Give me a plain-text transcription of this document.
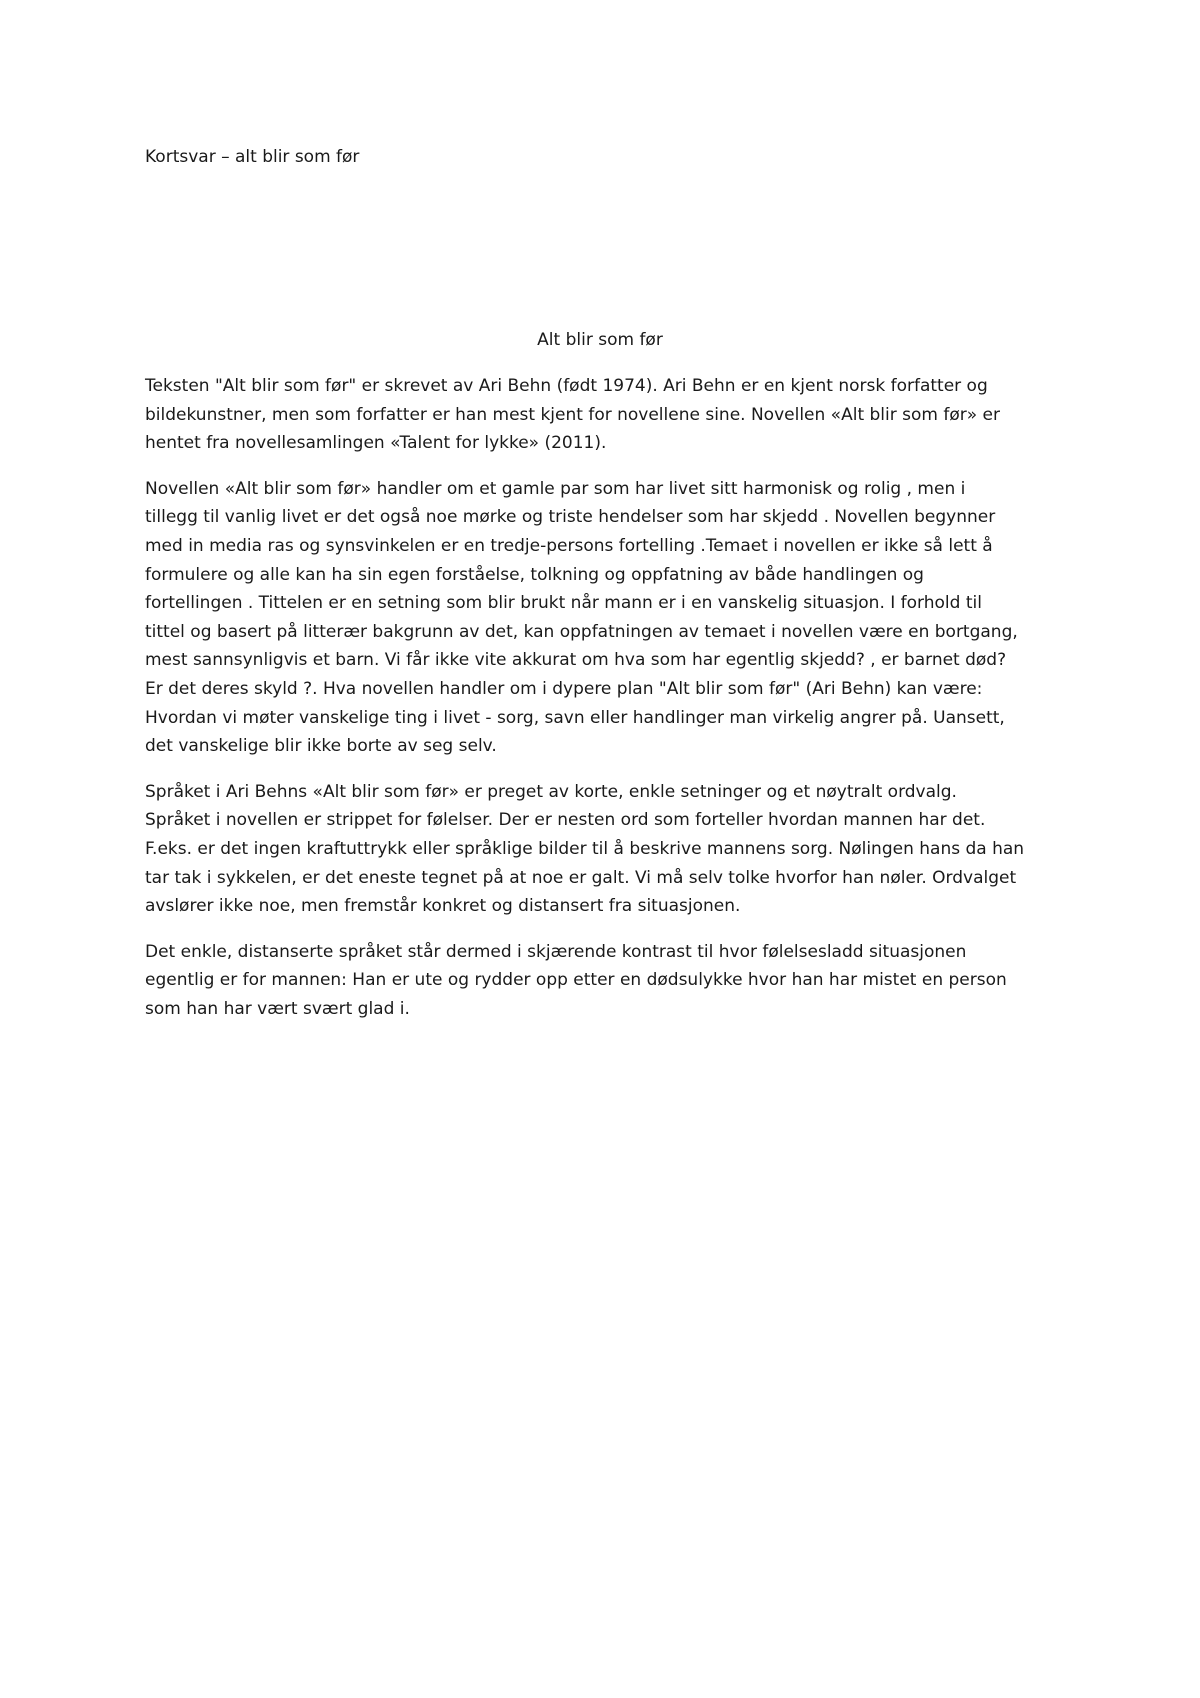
Kortsvar – alt blir som før
Alt blir som før

Teksten "Alt blir som før" er skrevet av Ari Behn (født 1974). Ari Behn er en kjent norsk forfatter og
bildekunstner, men som forfatter er han mest kjent for novellene sine. Novellen «Alt blir som før» er
hentet fra novellesamlingen «Talent for lykke» (2011).

Novellen «Alt blir som før» handler om et gamle par som har livet sitt harmonisk og rolig , men i
tillegg til vanlig livet er det også noe mørke og triste hendelser som har skjedd . Novellen begynner
med in media ras og synsvinkelen er en tredje-persons fortelling .Temaet i novellen er ikke så lett å
formulere og alle kan ha sin egen forståelse, tolkning og oppfatning av både handlingen og
fortellingen . Tittelen er en setning som blir brukt når mann er i en vanskelig situasjon. I forhold til
tittel og basert på litterær bakgrunn av det, kan oppfatningen av temaet i novellen være en bortgang,
mest sannsynligvis et barn. Vi får ikke vite akkurat om hva som har egentlig skjedd? , er barnet død?
Er det deres skyld ?. Hva novellen handler om i dypere plan "Alt blir som før" (Ari Behn) kan være:
Hvordan vi møter vanskelige ting i livet - sorg, savn eller handlinger man virkelig angrer på. Uansett,
det vanskelige blir ikke borte av seg selv.

Språket i Ari Behns «Alt blir som før» er preget av korte, enkle setninger og et nøytralt ordvalg.
Språket i novellen er strippet for følelser. Der er nesten ord som forteller hvordan mannen har det.
F.eks. er det ingen kraftuttrykk eller språklige bilder til å beskrive mannens sorg. Nølingen hans da han
tar tak i sykkelen, er det eneste tegnet på at noe er galt. Vi må selv tolke hvorfor han nøler. Ordvalget
avslører ikke noe, men fremstår konkret og distansert fra situasjonen.

Det enkle, distanserte språket står dermed i skjærende kontrast til hvor følelsesladd situasjonen
egentlig er for mannen: Han er ute og rydder opp etter en dødsulykke hvor han har mistet en person
som han har vært svært glad i.
